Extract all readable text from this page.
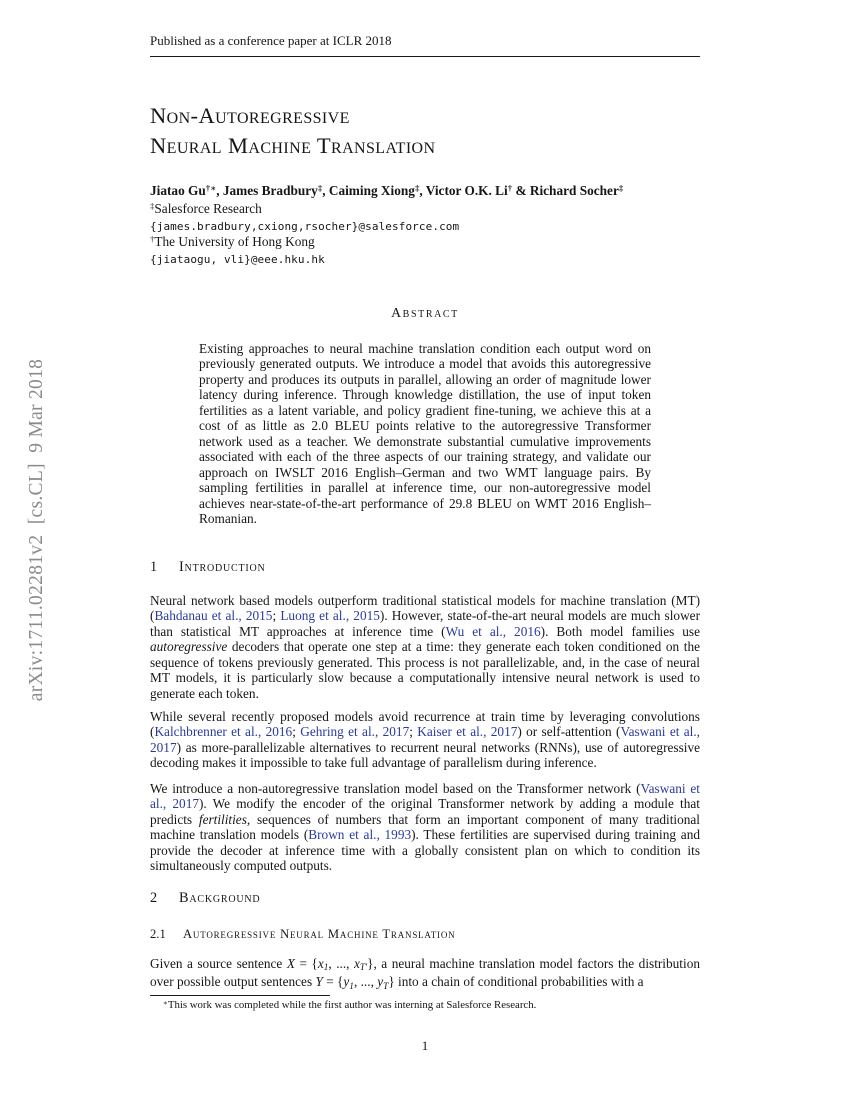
arXiv:1711.02281v2  [cs.CL]  9 Mar 2018
Published as a conference paper at ICLR 2018
Non-Autoregressive
Neural Machine Translation
Jiatao Gu†∗, James Bradbury‡, Caiming Xiong‡, Victor O.K. Li† & Richard Socher‡
‡Salesforce Research
{james.bradbury,cxiong,rsocher}@salesforce.com
†The University of Hong Kong
{jiataogu, vli}@eee.hku.hk
Abstract
Existing approaches to neural machine translation condition each output word on previously generated outputs. We introduce a model that avoids this autoregressive property and produces its outputs in parallel, allowing an order of magnitude lower latency during inference. Through knowledge distillation, the use of input token fertilities as a latent variable, and policy gradient fine-tuning, we achieve this at a cost of as little as 2.0 BLEU points relative to the autoregressive Transformer network used as a teacher. We demonstrate substantial cumulative improvements associated with each of the three aspects of our training strategy, and validate our approach on IWSLT 2016 English–German and two WMT language pairs. By sampling fertilities in parallel at inference time, our non-autoregressive model achieves near-state-of-the-art performance of 29.8 BLEU on WMT 2016 English–Romanian.
1 Introduction
Neural network based models outperform traditional statistical models for machine translation (MT) (Bahdanau et al., 2015; Luong et al., 2015). However, state-of-the-art neural models are much slower than statistical MT approaches at inference time (Wu et al., 2016). Both model families use autoregressive decoders that operate one step at a time: they generate each token conditioned on the sequence of tokens previously generated. This process is not parallelizable, and, in the case of neural MT models, it is particularly slow because a computationally intensive neural network is used to generate each token.
While several recently proposed models avoid recurrence at train time by leveraging convolutions (Kalchbrenner et al., 2016; Gehring et al., 2017; Kaiser et al., 2017) or self-attention (Vaswani et al., 2017) as more-parallelizable alternatives to recurrent neural networks (RNNs), use of autoregressive decoding makes it impossible to take full advantage of parallelism during inference.
We introduce a non-autoregressive translation model based on the Transformer network (Vaswani et al., 2017). We modify the encoder of the original Transformer network by adding a module that predicts fertilities, sequences of numbers that form an important component of many traditional machine translation models (Brown et al., 1993). These fertilities are supervised during training and provide the decoder at inference time with a globally consistent plan on which to condition its simultaneously computed outputs.
2 Background
2.1 Autoregressive Neural Machine Translation
Given a source sentence X = {x1, ..., xT′}, a neural machine translation model factors the distribution over possible output sentences Y = {y1, ..., yT} into a chain of conditional probabilities with a
∗This work was completed while the first author was interning at Salesforce Research.
1
